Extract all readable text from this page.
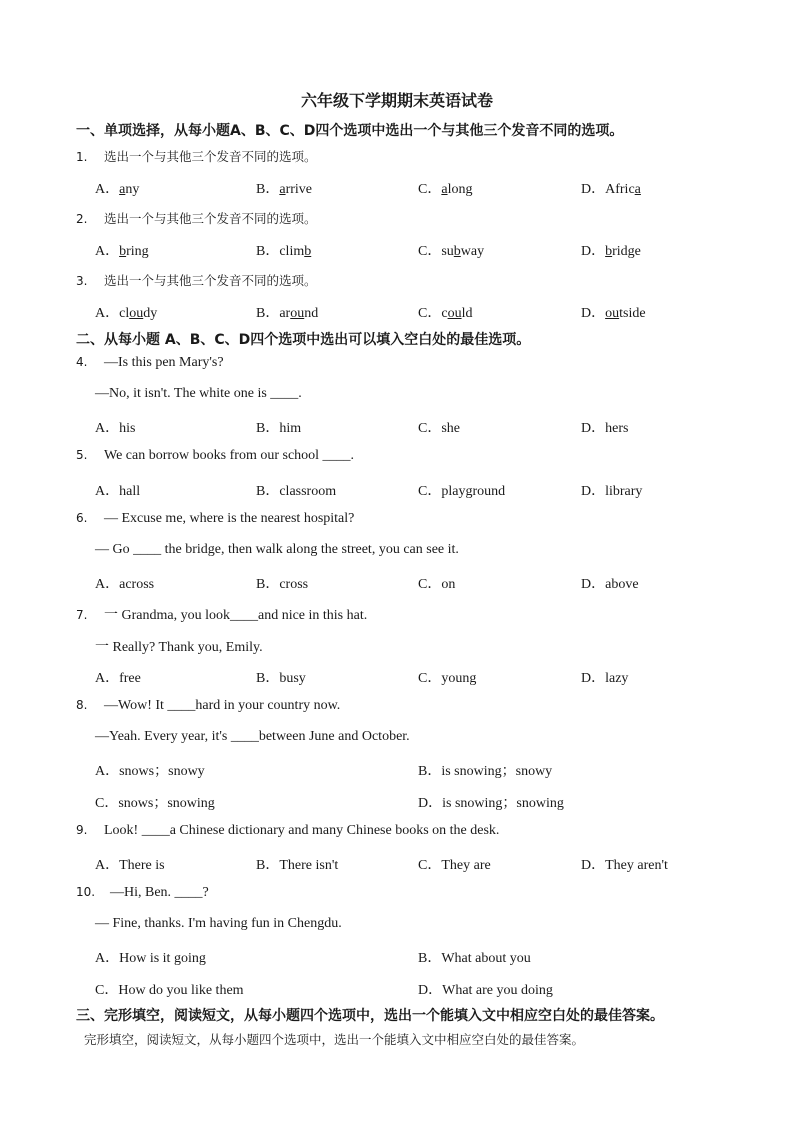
六年级下学期期末英语试卷
一、单项选择，从每小题A、B、C、D四个选项中选出一个与其他三个发音不同的选项。
1. 选出一个与其他三个发音不同的选项。
A．any	B．arrive	C．along	D．Africa
2. 选出一个与其他三个发音不同的选项。
A．bring	B．climb	C．subway	D．bridge
3. 选出一个与其他三个发音不同的选项。
A．cloudy	B．around	C．could	D．outside
二、从每小题 A、B、C、D四个选项中选出可以填入空白处的最佳选项。
4. —Is this pen Mary's?
—No, it isn't. The white one is ____.
A．his	B．him	C．she	D．hers
5. We can borrow books from our school ____.
A．hall	B．classroom	C．playground	D．library
6. — Excuse me, where is the nearest hospital?
— Go ____ the bridge, then walk along the street, you can see it.
A．across	B．cross	C．on	D．above
7. 一 Grandma, you look____and nice in this hat.
一 Really? Thank you, Emily.
A．free	B．busy	C．young	D．lazy
8. —Wow! It ____hard in your country now.
—Yeah. Every year, it's ____between June and October.
A．snows；snowy	B．is snowing；snowy
C．snows；snowing	D．is snowing；snowing
9. Look! ____a Chinese dictionary and many Chinese books on the desk.
A．There is	B．There isn't	C．They are	D．They aren't
10. —Hi, Ben. ____?
— Fine, thanks. I'm having fun in Chengdu.
A．How is it going	B．What about you
C．How do you like them	D．What are you doing
三、完形填空，阅读短文，从每小题四个选项中，选出一个能填入文中相应空白处的最佳答案。
完形填空，阅读短文，从每小题四个选项中，选出一个能填入文中相应空白处的最佳答案。
